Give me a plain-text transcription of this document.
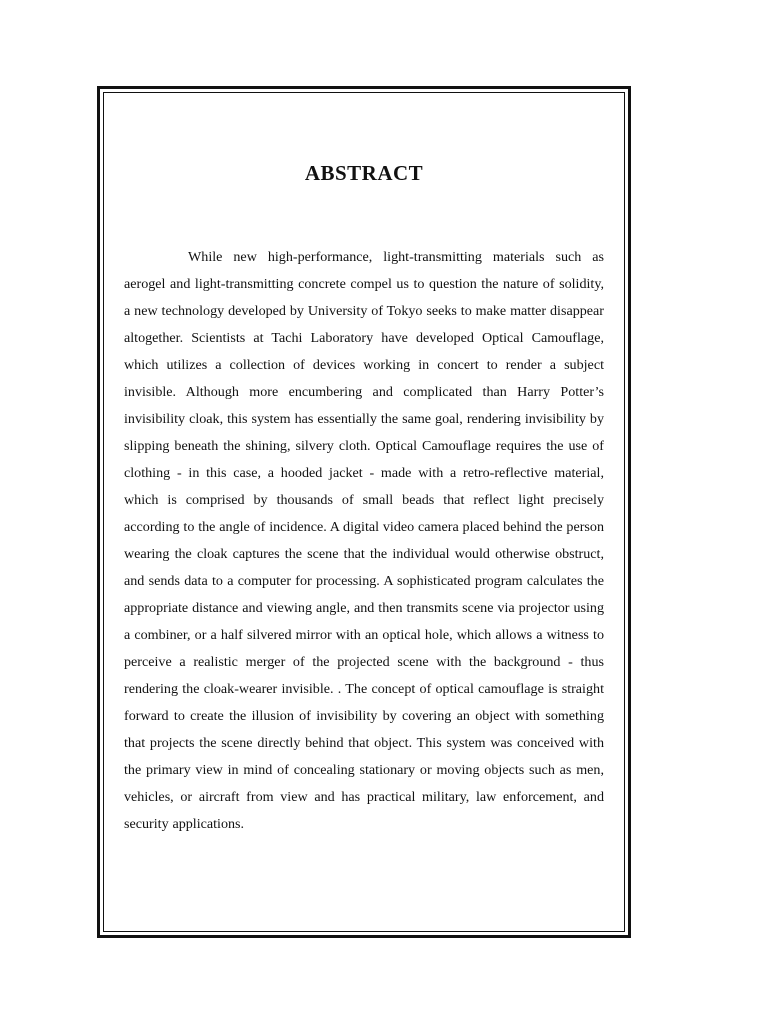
ABSTRACT

While new high-performance, light-transmitting materials such as aerogel and light-transmitting concrete compel us to question the nature of solidity, a new technology developed by University of Tokyo seeks to make matter disappear altogether. Scientists at Tachi Laboratory have developed Optical Camouflage, which utilizes a collection of devices working in concert to render a subject invisible. Although more encumbering and complicated than Harry Potter’s invisibility cloak, this system has essentially the same goal, rendering invisibility by slipping beneath the shining, silvery cloth. Optical Camouflage requires the use of clothing - in this case, a hooded jacket - made with a retro-reflective material, which is comprised by thousands of small beads that reflect light precisely according to the angle of incidence. A digital video camera placed behind the person wearing the cloak captures the scene that the individual would otherwise obstruct, and sends data to a computer for processing. A sophisticated program calculates the appropriate distance and viewing angle, and then transmits scene via projector using a combiner, or a half silvered mirror with an optical hole, which allows a witness to perceive a realistic merger of the projected scene with the background - thus rendering the cloak-wearer invisible. . The concept of optical camouflage is straight forward to create the illusion of invisibility by covering an object with something that projects the scene directly behind that object. This system was conceived with the primary view in mind of concealing stationary or moving objects such as men, vehicles, or aircraft from view and has practical military, law enforcement, and security applications.
